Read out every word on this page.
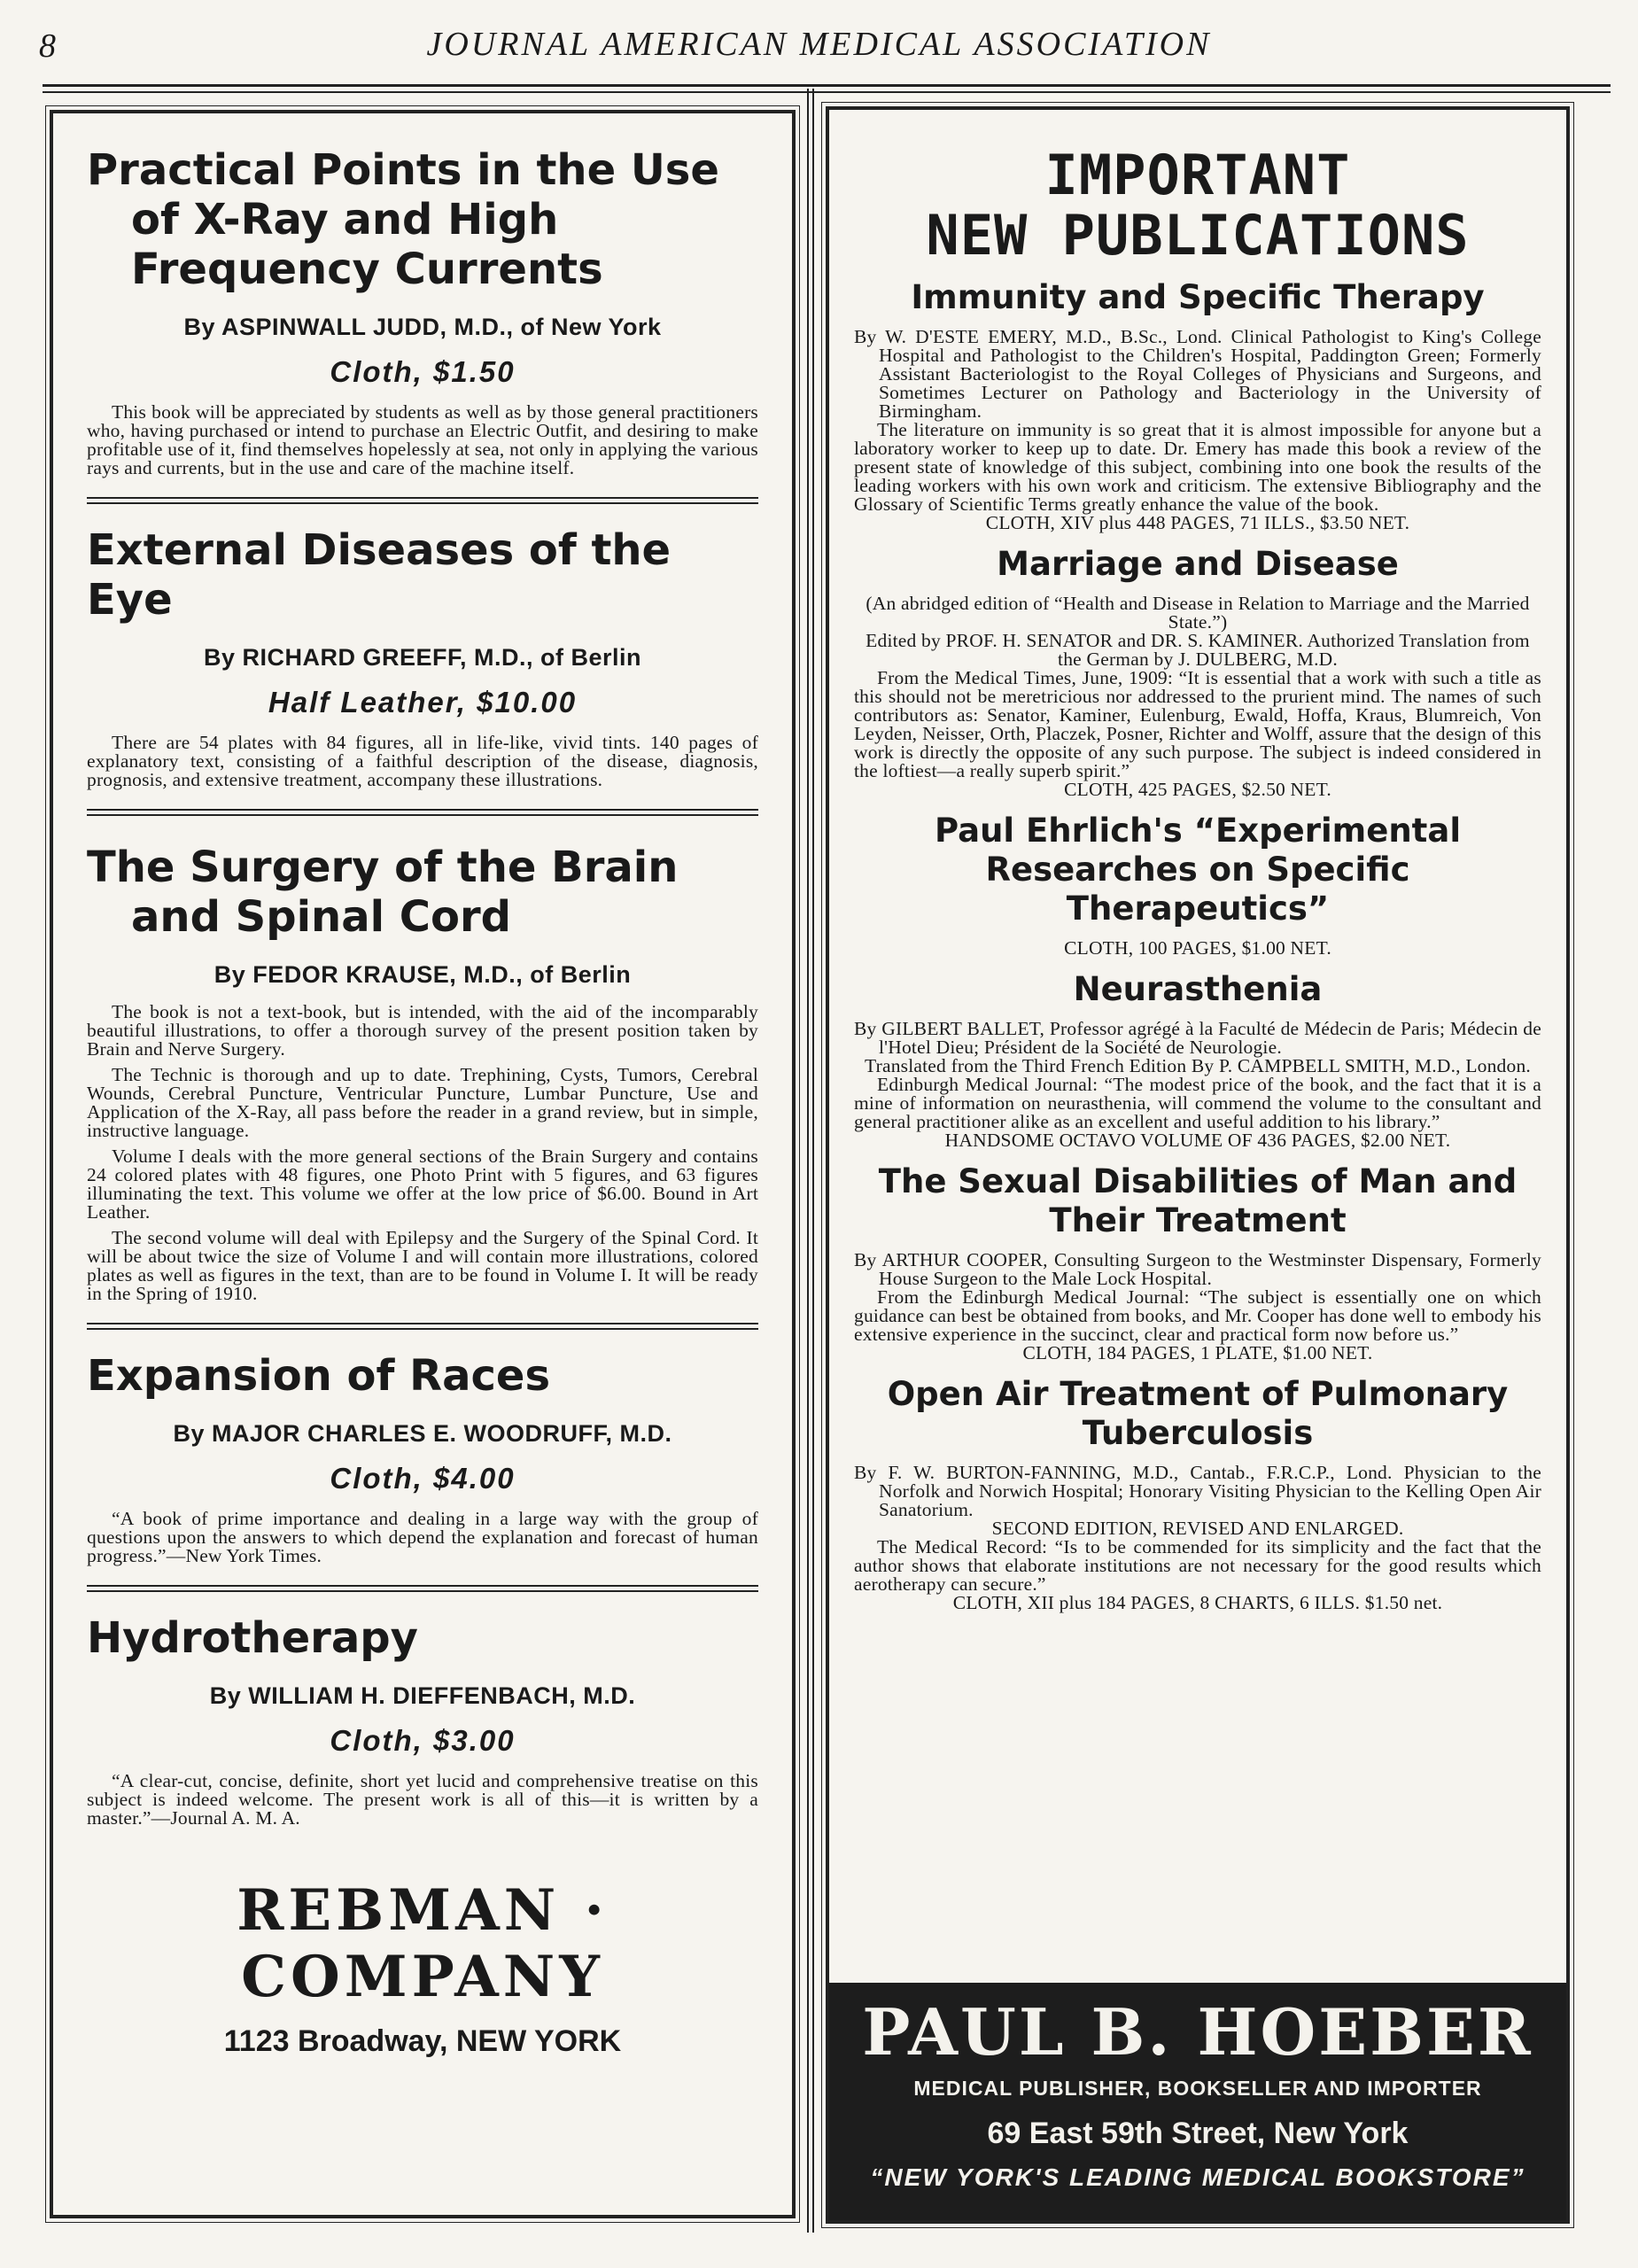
8	JOURNAL AMERICAN MEDICAL ASSOCIATION
Practical Points in the Use of X-Ray and High Frequency Currents
By ASPINWALL JUDD, M.D., of New York
Cloth, $1.50

This book will be appreciated by students as well as by those general practitioners who, having purchased or intend to purchase an Electric Outfit, and desiring to make profitable use of it, find themselves hopelessly at sea, not only in applying the various rays and currents, but in the use and care of the machine itself.

External Diseases of the Eye
By RICHARD GREEFF, M.D., of Berlin
Half Leather, $10.00

There are 54 plates with 84 figures, all in life-like, vivid tints. 140 pages of explanatory text, consisting of a faithful description of the disease, diagnosis, prognosis, and extensive treatment, accompany these illustrations.

The Surgery of the Brain and Spinal Cord
By FEDOR KRAUSE, M.D., of Berlin

The book is not a text-book, but is intended, with the aid of the incomparably beautiful illustrations, to offer a thorough survey of the present position taken by Brain and Nerve Surgery.

The Technic is thorough and up to date. Trephining, Cysts, Tumors, Cerebral Wounds, Cerebral Puncture, Ventricular Puncture, Lumbar Puncture, Use and Application of the X-Ray, all pass before the reader in a grand review, but in simple, instructive language.

Volume I deals with the more general sections of the Brain Surgery and contains 24 colored plates with 48 figures, one Photo Print with 5 figures, and 63 figures illuminating the text. This volume we offer at the low price of $6.00. Bound in Art Leather.

The second volume will deal with Epilepsy and the Surgery of the Spinal Cord. It will be about twice the size of Volume I and will contain more illustrations, colored plates as well as figures in the text, than are to be found in Volume I. It will be ready in the Spring of 1910.

Expansion of Races
By MAJOR CHARLES E. WOODRUFF, M.D.
Cloth, $4.00

“A book of prime importance and dealing in a large way with the group of questions upon the answers to which depend the explanation and forecast of human progress.”—New York Times.

Hydrotherapy
By WILLIAM H. DIEFFENBACH, M.D.
Cloth, $3.00

“A clear-cut, concise, definite, short yet lucid and comprehensive treatise on this subject is indeed welcome. The present work is all of this—it is written by a master.”—Journal A. M. A.

REBMAN · COMPANY
1123 Broadway, NEW YORK
IMPORTANT
NEW PUBLICATIONS
Immunity and Specific Therapy

By W. D'ESTE EMERY, M.D., B.Sc., Lond. Clinical Pathologist to King's College Hospital and Pathologist to the Children's Hospital, Paddington Green; Formerly Assistant Bacteriologist to the Royal Colleges of Physicians and Surgeons, and Sometimes Lecturer on Pathology and Bacteriology in the University of Birmingham.

The literature on immunity is so great that it is almost impossible for anyone but a laboratory worker to keep up to date. Dr. Emery has made this book a review of the present state of knowledge of this subject, combining into one book the results of the leading workers with his own work and criticism. The extensive Bibliography and the Glossary of Scientific Terms greatly enhance the value of the book.

CLOTH, XIV plus 448 PAGES, 71 ILLS., $3.50 NET.

Marriage and Disease

(An abridged edition of “Health and Disease in Relation to Marriage and the Married State.”)

Edited by PROF. H. SENATOR and DR. S. KAMINER. Authorized Translation from the German by J. DULBERG, M.D.

From the Medical Times, June, 1909: “It is essential that a work with such a title as this should not be meretricious nor addressed to the prurient mind. The names of such contributors as: Senator, Kaminer, Eulenburg, Ewald, Hoffa, Kraus, Blumreich, Von Leyden, Neisser, Orth, Placzek, Posner, Richter and Wolff, assure that the design of this work is directly the opposite of any such purpose. The subject is indeed considered in the loftiest—a really superb spirit.”

CLOTH, 425 PAGES, $2.50 NET.

Paul Ehrlich's “Experimental Researches on Specific Therapeutics”

CLOTH, 100 PAGES, $1.00 NET.

Neurasthenia

By GILBERT BALLET, Professor agrégé à la Faculté de Médecin de Paris; Médecin de l'Hotel Dieu; Président de la Société de Neurologie.

Translated from the Third French Edition By P. CAMPBELL SMITH, M.D., London.

Edinburgh Medical Journal: “The modest price of the book, and the fact that it is a mine of information on neurasthenia, will commend the volume to the consultant and general practitioner alike as an excellent and useful addition to his library.”

HANDSOME OCTAVO VOLUME OF 436 PAGES, $2.00 NET.

The Sexual Disabilities of Man and Their Treatment

By ARTHUR COOPER, Consulting Surgeon to the Westminster Dispensary, Formerly House Surgeon to the Male Lock Hospital.

From the Edinburgh Medical Journal: “The subject is essentially one on which guidance can best be obtained from books, and Mr. Cooper has done well to embody his extensive experience in the succinct, clear and practical form now before us.”

CLOTH, 184 PAGES, 1 PLATE, $1.00 NET.

Open Air Treatment of Pulmonary Tuberculosis

By F. W. BURTON-FANNING, M.D., Cantab., F.R.C.P., Lond. Physician to the Norfolk and Norwich Hospital; Honorary Visiting Physician to the Kelling Open Air Sanatorium.

SECOND EDITION, REVISED AND ENLARGED.

The Medical Record: “Is to be commended for its simplicity and the fact that the author shows that elaborate institutions are not necessary for the good results which aerotherapy can secure.”

CLOTH, XII plus 184 PAGES, 8 CHARTS, 6 ILLS. $1.50 net.

PAUL B. HOEBER
MEDICAL PUBLISHER, BOOKSELLER AND IMPORTER
69 East 59th Street, New York
“NEW YORK'S LEADING MEDICAL BOOKSTORE”
